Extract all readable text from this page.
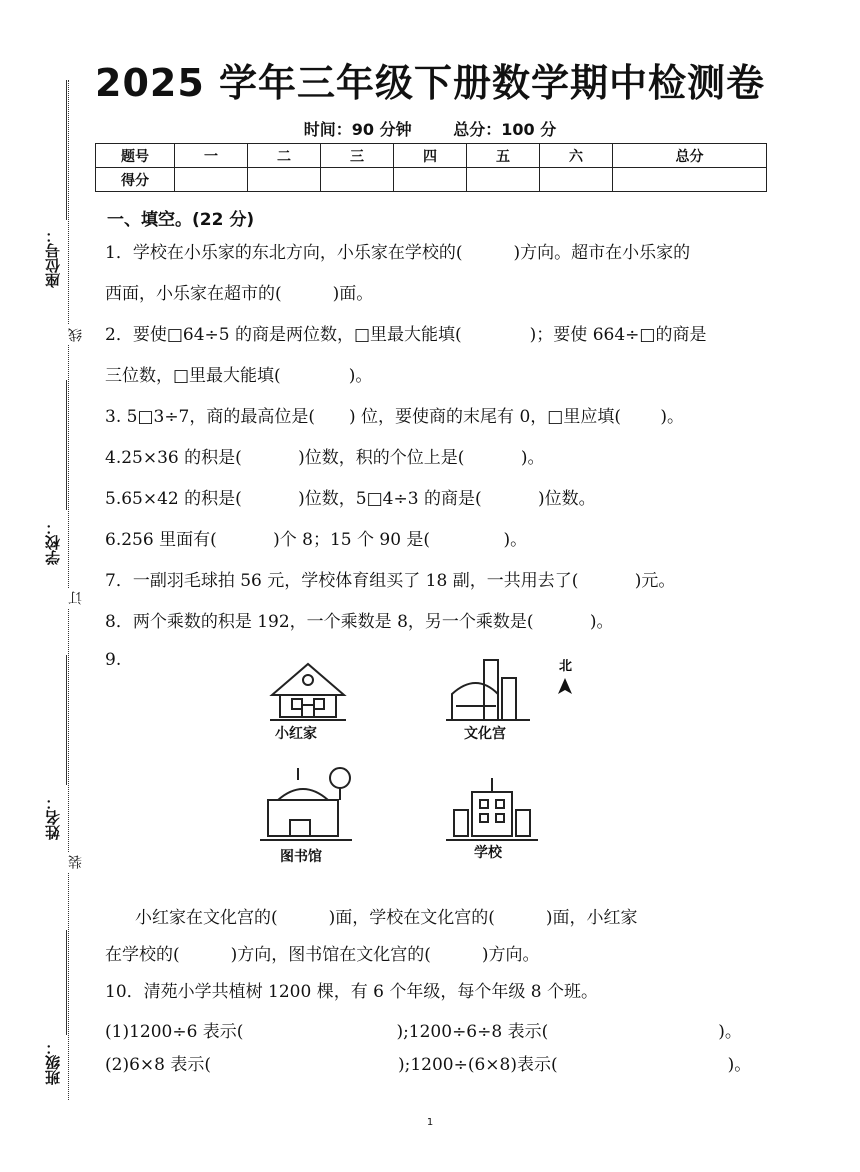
2025 学年三年级下册数学期中检测卷
时间：90 分钟	总分：100 分
题号	一	二	三	四	五	六	总分
得分							
座位号：
线
学校：
订
姓名：
装
班级：
一、填空。(22 分)
1．学校在小乐家的东北方向，小乐家在学校的(　　　)方向。超市在小乐家的
西面，小乐家在超市的(　　　)面。
2．要使□64÷5 的商是两位数，□里最大能填(　　　　)；要使 664÷□的商是
三位数，□里最大能填(　　　　)。
3. 5□3÷7，商的最高位是(　　) 位，要使商的末尾有 0，□里应填(　　 )。
4.25×36 的积是(　　　 )位数，积的个位上是(　　　 )。
5.65×42 的积是(　　　 )位数，5□4÷3 的商是(　　　 )位数。
6.256 里面有(　　　 )个 8；15 个 90 是(　　　　 )。
7．一副羽毛球拍 56 元，学校体育组买了 18 副，一共用去了(　　　 )元。
8．两个乘数的积是 192，一个乘数是 8，另一个乘数是(　　　 )。
9.	北
小红家	文化宫
图书馆	学校
小红家在文化宫的(　　　)面，学校在文化宫的(　　　)面，小红家
在学校的(　　　)方向，图书馆在文化宫的(　　　)方向。
10．清苑小学共植树 1200 棵，有 6 个年级，每个年级 8 个班。
(1)1200÷6 表示(　　　　　　　　　);1200÷6÷8 表示(　　　　　　　　　　)。
(2)6×8 表示(　　　　　　　　　　　);1200÷(6×8)表示(　　　　　　　　　　)。
1
